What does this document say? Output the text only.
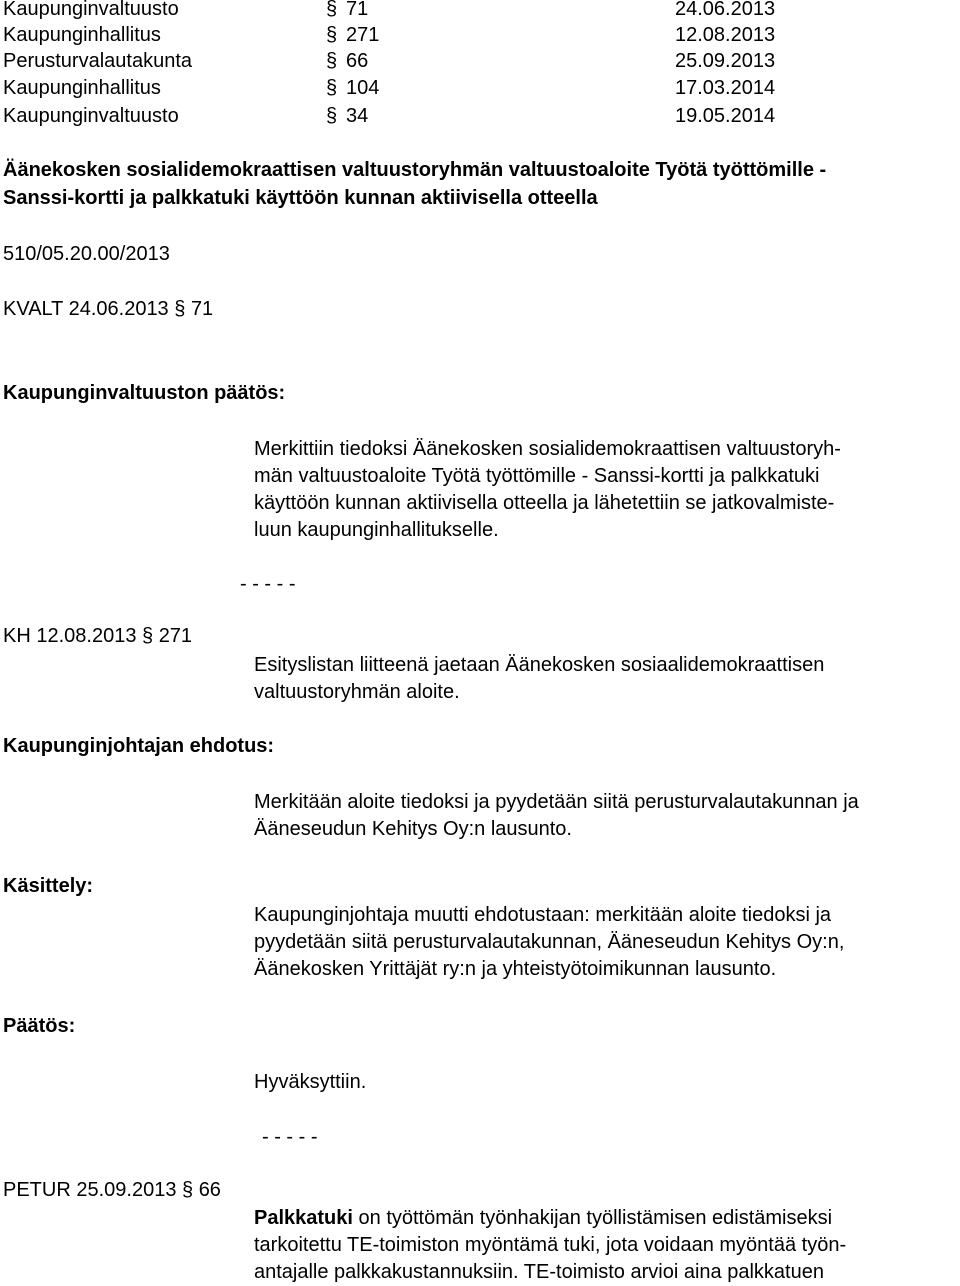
Kaupunginvaltuusto	§ 71	24.06.2013
Kaupunginhallitus	§ 271	12.08.2013
Perusturvalautakunta	§ 66	25.09.2013
Kaupunginhallitus	§ 104	17.03.2014
Kaupunginvaltuusto	§ 34	19.05.2014
Äänekosken sosialidemokraattisen valtuustoryhmän valtuustoaloite Työtä työttömille -
Sanssi-kortti ja palkkatuki käyttöön kunnan aktiivisella otteella
510/05.20.00/2013
KVALT 24.06.2013 § 71
Kaupunginvaltuuston päätös:
Merkittiin tiedoksi Äänekosken sosialidemokraattisen valtuustoryh-
män valtuustoaloite Työtä työttömille - Sanssi-kortti ja palkkatuki
käyttöön kunnan aktiivisella otteella ja lähetettiin se jatkovalmiste-
luun kaupunginhallitukselle.
- - - - -
KH 12.08.2013 § 271
Esityslistan liitteenä jaetaan Äänekosken sosiaalidemokraattisen
valtuustoryhmän aloite.
Kaupunginjohtajan ehdotus:
Merkitään aloite tiedoksi ja pyydetään siitä perusturvalautakunnan ja
Ääneseudun Kehitys Oy:n lausunto.
Käsittely:
Kaupunginjohtaja muutti ehdotustaan: merkitään aloite tiedoksi ja
pyydetään siitä perusturvalautakunnan, Ääneseudun Kehitys Oy:n,
Äänekosken Yrittäjät ry:n ja yhteistyötoimikunnan lausunto.
Päätös:
Hyväksyttiin.
- - - - -
PETUR 25.09.2013 § 66
Palkkatuki on työttömän työnhakijan työllistämisen edistämiseksi
tarkoitettu TE-toimiston myöntämä tuki, jota voidaan myöntää työn-
antajalle palkkakustannuksiin. TE-toimisto arvioi aina palkkatuen
